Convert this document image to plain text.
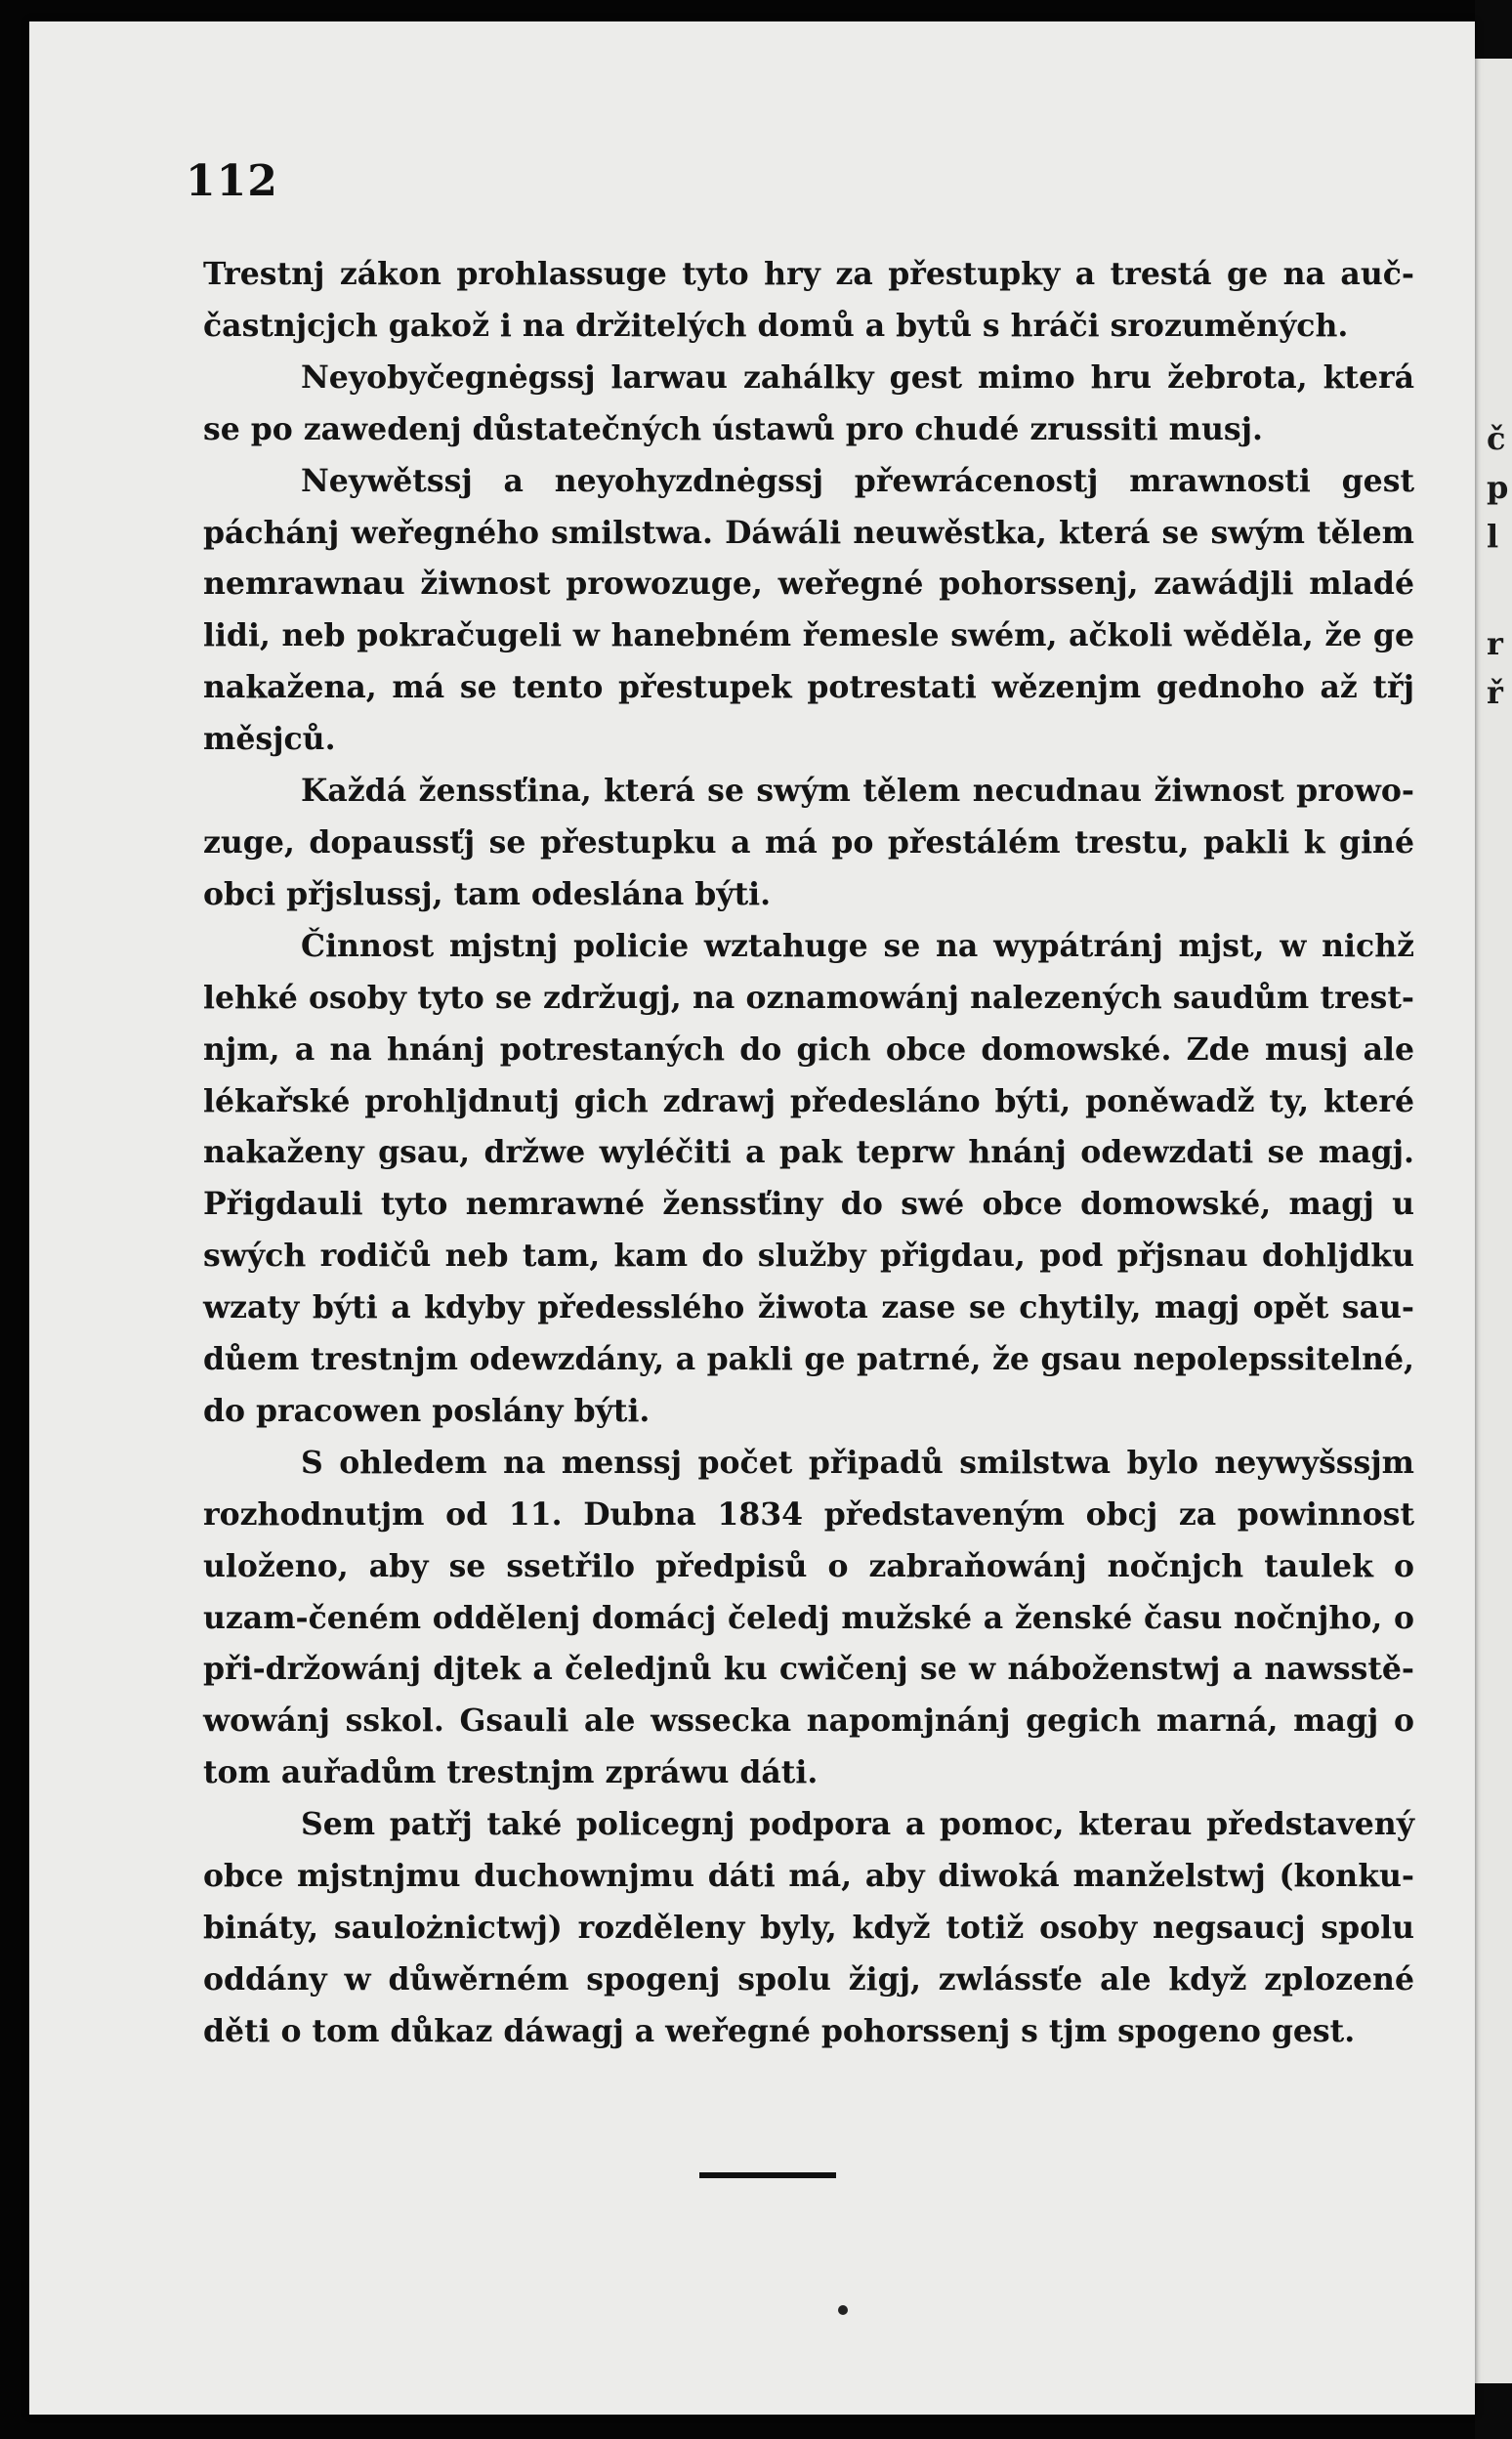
č
p
l
r
ř
112

Trestnj zákon prohlassuge tyto hry za přestupky a trestá ge na auč-častnjcjch gakož i na držitelých domů a bytů s hráči srozuměných.

Neyobyčegnėgssj larwau zahálky gest mimo hru žebrota, která se po zawedenj důstatečných ústawů pro chudé zrussiti musj.

Neywětssj a neyohyzdnėgssj přewrácenostj mrawnosti gest páchánj weřegného smilstwa. Dáwáli neuwěstka, která se swým tělem nemrawnau žiwnost prowozuge, weřegné pohorssenj, zawádjli mladé lidi, neb pokračugeli w hanebném řemesle swém, ačkoli wěděla, že ge nakažena, má se tento přestupek potrestati wězenjm gednoho až třj měsjců.

Každá ženssťina, která se swým tělem necudnau žiwnost prowo-zuge, dopaussťj se přestupku a má po přestálém trestu, pakli k giné obci přjslussj, tam odeslána býti.

Činnost mjstnj policie wztahuge se na wypátránj mjst, w nichž lehké osoby tyto se zdržugj, na oznamowánj nalezených saudům trest-njm, a na hnánj potrestaných do gich obce domowské. Zde musj ale lékařské prohljdnutj gich zdrawj předesláno býti, poněwadž ty, které nakaženy gsau, držwe wyléčiti a pak teprw hnánj odewzdati se magj. Přigdauli tyto nemrawné ženssťiny do swé obce domowské, magj u swých rodičů neb tam, kam do služby přigdau, pod přjsnau dohljdku wzaty býti a kdyby předesslého žiwota zase se chytily, magj opět sau-důem trestnjm odewzdány, a pakli ge patrné, že gsau nepolepssitelné, do pracowen poslány býti.

S ohledem na menssj počet připadů smilstwa bylo neywyšssjm rozhodnutjm od 11. Dubna 1834 představeným obcj za powinnost uloženo, aby se ssetřilo předpisů o zabraňowánj nočnjch taulek o uzam-čeném oddělenj domácj čeledj mužské a ženské času nočnjho, o při-držowánj djtek a čeledjnů ku cwičenj se w náboženstwj a nawsstě-wowánj sskol. Gsauli ale wssecka napomjnánj gegich marná, magj o tom auřadům trestnjm zpráwu dáti.

Sem patřj také policegnj podpora a pomoc, kterau představený obce mjstnjmu duchownjmu dáti má, aby diwoká manželstwj (konku-bináty, saulożnictwj) rozděleny byly, když totiž osoby negsaucj spolu oddány w důwěrném spogenj spolu žigj, zwlássťe ale když zplozené děti o tom důkaz dáwagj a weřegné pohorssenj s tjm spogeno gest.
